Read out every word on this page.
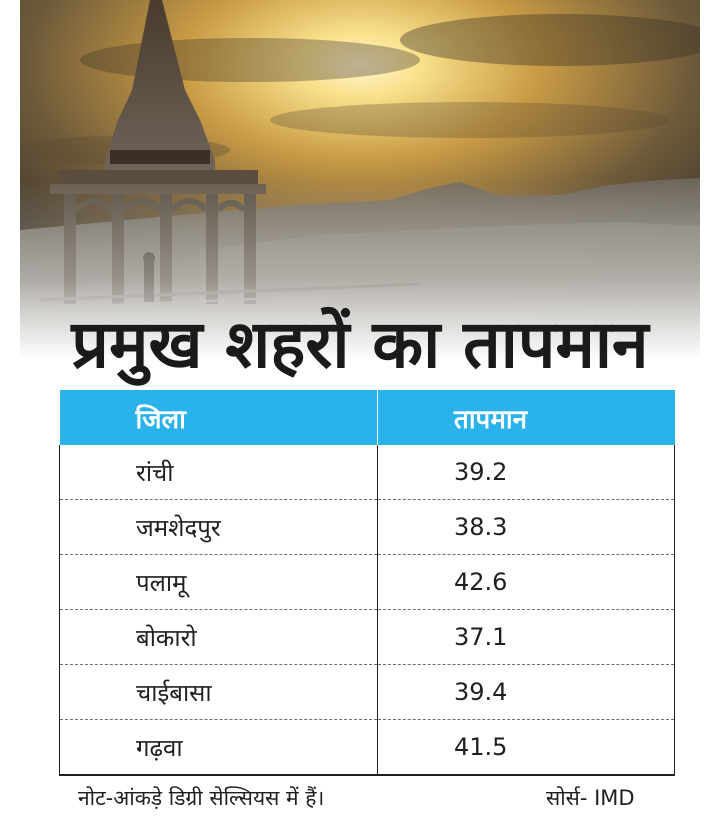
प्रमुख शहरों का तापमान
जिला	तापमान
रांची	39.2
जमशेदपुर	38.3
पलामू	42.6
बोकारो	37.1
चाईबासा	39.4
गढ़वा	41.5
नोट-आंकड़े डिग्री सेल्सियस में हैं।	सोर्स- IMD
